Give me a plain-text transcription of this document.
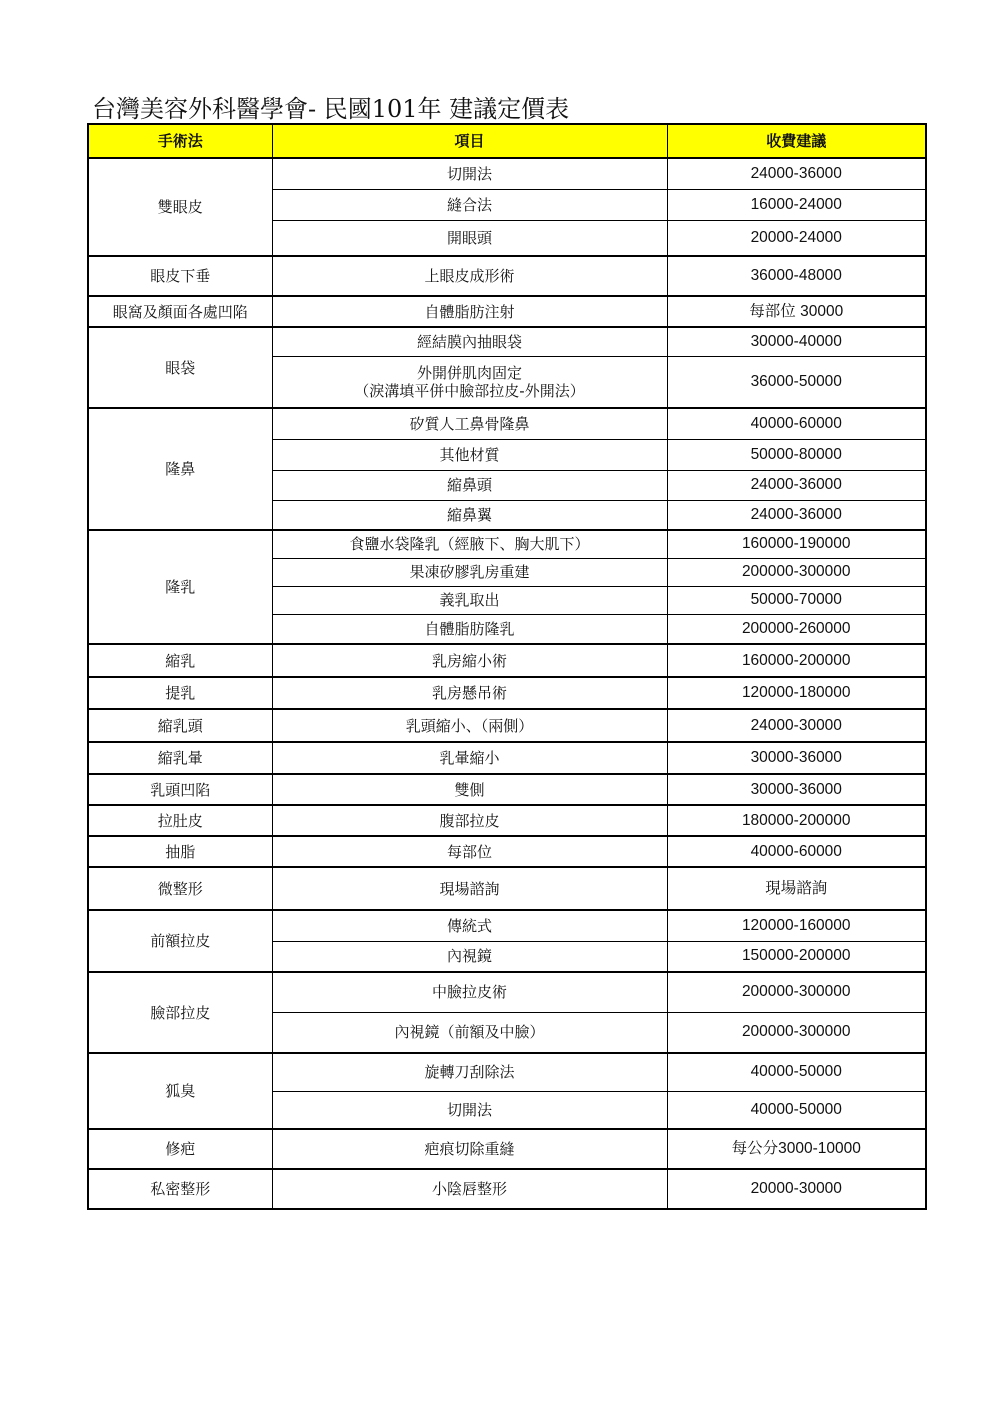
台灣美容外科醫學會- 民國101年 建議定價表
手術法	項目	收費建議
雙眼皮	切開法	24000-36000
	縫合法	16000-24000
	開眼頭	20000-24000
眼皮下垂	上眼皮成形術	36000-48000
眼窩及顏面各處凹陷	自體脂肪注射	每部位 30000
眼袋	經結膜內抽眼袋	30000-40000
	外開併肌肉固定
（淚溝填平併中臉部拉皮-外開法）	36000-50000
隆鼻	矽質人工鼻骨隆鼻	40000-60000
	其他材質	50000-80000
	縮鼻頭	24000-36000
	縮鼻翼	24000-36000
隆乳	食鹽水袋隆乳（經腋下、胸大肌下）	160000-190000
	果凍矽膠乳房重建	200000-300000
	義乳取出	50000-70000
	自體脂肪隆乳	200000-260000
縮乳	乳房縮小術	160000-200000
提乳	乳房懸吊術	120000-180000
縮乳頭	乳頭縮小、（兩側）	24000-30000
縮乳暈	乳暈縮小	30000-36000
乳頭凹陷	雙側	30000-36000
拉肚皮	腹部拉皮	180000-200000
抽脂	每部位	40000-60000
微整形	現場諮詢	現場諮詢
前額拉皮	傳統式	120000-160000
	內視鏡	150000-200000
臉部拉皮	中臉拉皮術	200000-300000
	內視鏡（前額及中臉）	200000-300000
狐臭	旋轉刀刮除法	40000-50000
	切開法	40000-50000
修疤	疤痕切除重縫	每公分3000-10000
私密整形	小陰唇整形	20000-30000
